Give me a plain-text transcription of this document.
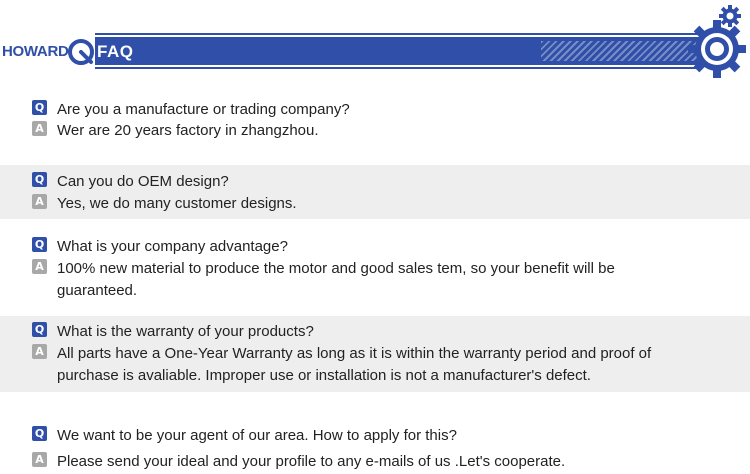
HOWARD FAQ
Q Are you a manufacture or trading company?
A Wer are 20 years factory in zhangzhou.
Q Can you do OEM design?
A Yes, we do many customer designs.
Q What is your company advantage?
A 100% new material to produce the motor and good sales tem, so your benefit will be guaranteed.
Q What is the warranty of your products?
A All parts have a One-Year Warranty as long as it is within the warranty period and proof of purchase is avaliable. Improper use or installation is not a manufacturer's defect.
Q We want to be your agent of our area. How to apply for this?
A Please send your ideal and your profile to any e-mails of us .Let's cooperate.
